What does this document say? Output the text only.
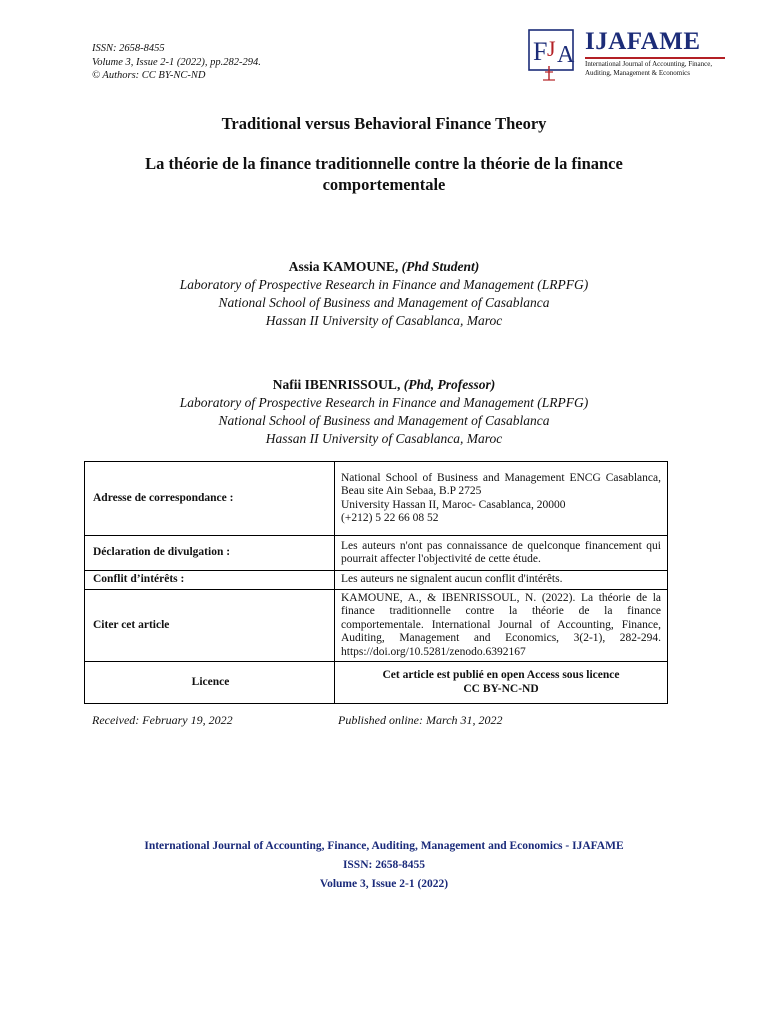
ISSN: 2658-8455
Volume 3, Issue 2-1 (2022), pp.282-294.
© Authors: CC BY-NC-ND
F J A IJAFAME
International Journal of Accounting, Finance, Auditing, Management & Economics
Traditional versus Behavioral Finance Theory
La théorie de la finance traditionnelle contre la théorie de la finance comportementale
Assia KAMOUNE, (Phd Student)
Laboratory of Prospective Research in Finance and Management (LRPFG)
National School of Business and Management of Casablanca
Hassan II University of Casablanca, Maroc
Nafii IBENRISSOUL, (Phd, Professor)
Laboratory of Prospective Research in Finance and Management (LRPFG)
National School of Business and Management of Casablanca
Hassan II University of Casablanca, Maroc
Adresse de correspondance :	National School of Business and Management ENCG Casablanca, Beau site Ain Sebaa, B.P 2725
University Hassan II, Maroc- Casablanca, 20000
(+212) 5 22 66 08 52

Déclaration de divulgation :	Les auteurs n'ont pas connaissance de quelconque financement qui pourrait affecter l'objectivité de cette étude.
Conflit d’intérêts :	Les auteurs ne signalent aucun conflit d'intérêts.
Citer cet article	KAMOUNE, A., & IBENRISSOUL, N. (2022). La théorie de la finance traditionnelle contre la théorie de la finance comportementale. International Journal of Accounting, Finance, Auditing, Management and Economics, 3(2-1), 282-294. https://doi.org/10.5281/zenodo.6392167
Licence	Cet article est publié en open Access sous licence
CC BY-NC-ND
Received: February 19, 2022	Published online: March 31, 2022
International Journal of Accounting, Finance, Auditing, Management and Economics - IJAFAME
ISSN: 2658-8455
Volume 3, Issue 2-1 (2022)
